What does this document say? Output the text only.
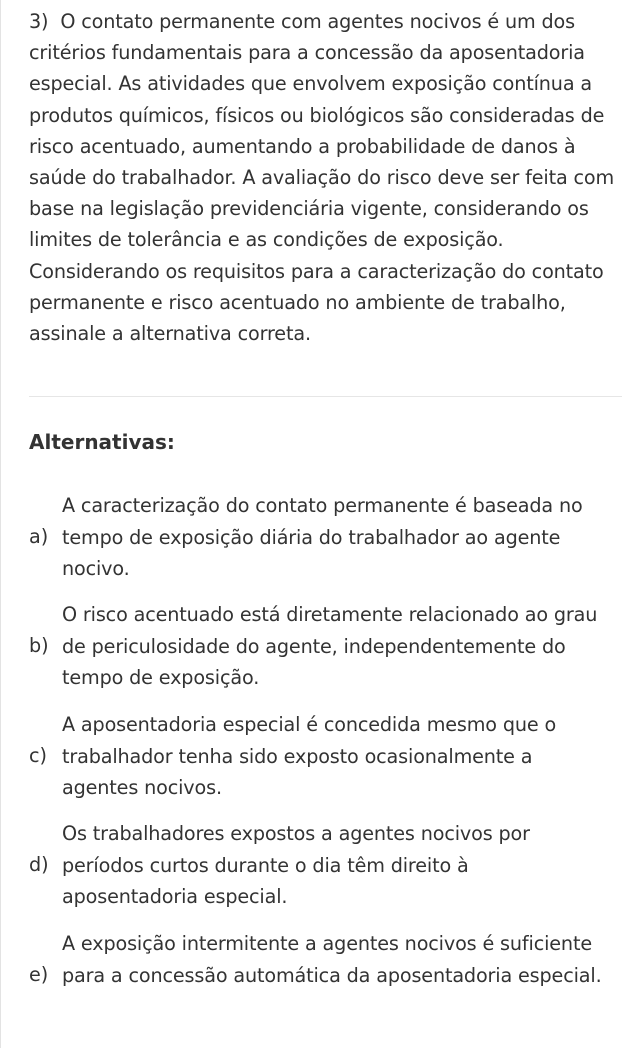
3) O contato permanente com agentes nocivos é um dos critérios fundamentais para a concessão da aposentadoria especial. As atividades que envolvem exposição contínua a produtos químicos, físicos ou biológicos são consideradas de risco acentuado, aumentando a probabilidade de danos à saúde do trabalhador. A avaliação do risco deve ser feita com base na legislação previdenciária vigente, considerando os limites de tolerância e as condições de exposição. Considerando os requisitos para a caracterização do contato permanente e risco acentuado no ambiente de trabalho, assinale a alternativa correta.

Alternativas:
a)
A caracterização do contato permanente é baseada no tempo de exposição diária do trabalhador ao agente nocivo.
b)
O risco acentuado está diretamente relacionado ao grau de periculosidade do agente, independentemente do tempo de exposição.
c)
A aposentadoria especial é concedida mesmo que o trabalhador tenha sido exposto ocasionalmente a agentes nocivos.
d)
Os trabalhadores expostos a agentes nocivos por períodos curtos durante o dia têm direito à aposentadoria especial.
e)
A exposição intermitente a agentes nocivos é suficiente para a concessão automática da aposentadoria especial.
